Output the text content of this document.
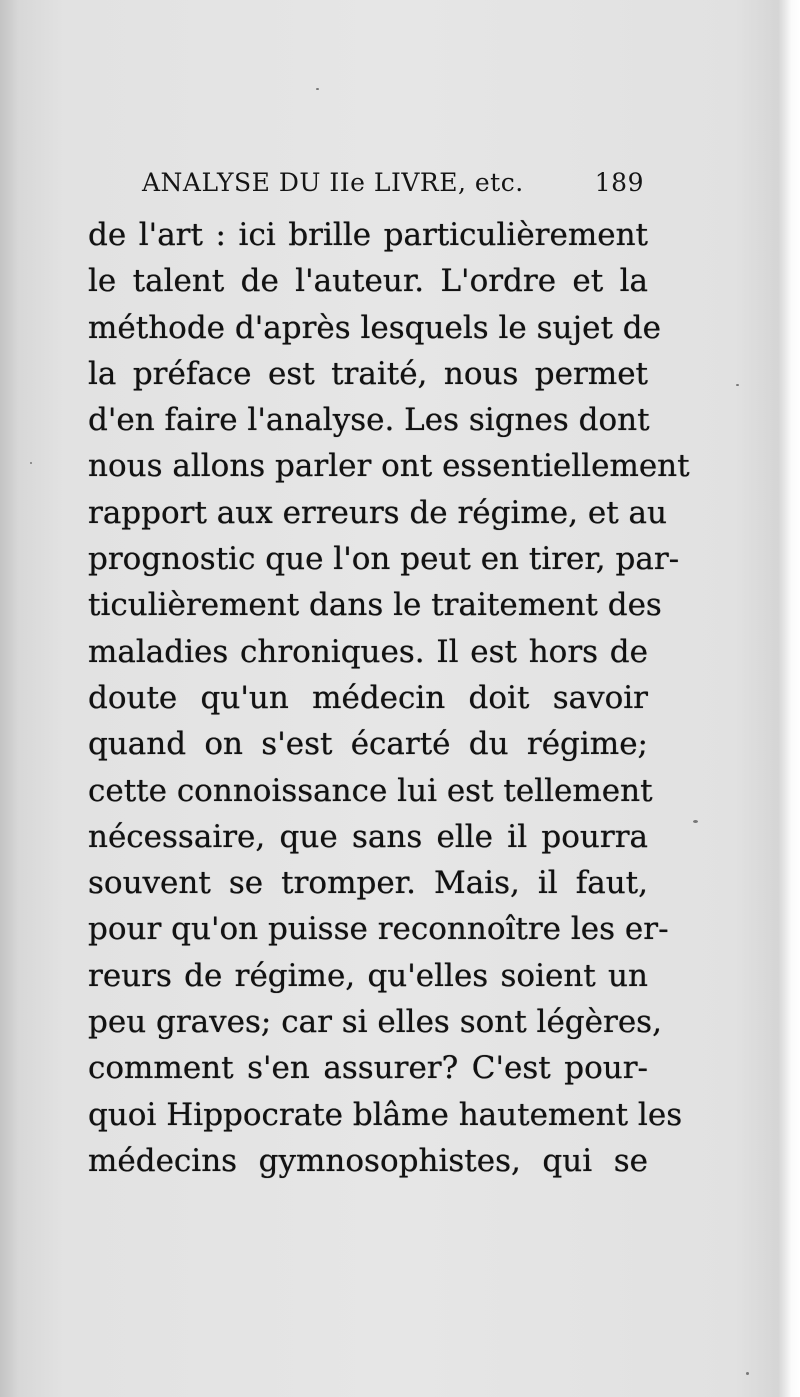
ANALYSE DU IIe LIVRE, etc.	189
de l'art : ici brille particulièrement
le talent de l'auteur. L'ordre et la
méthode d'après lesquels le sujet de
la préface est traité, nous permet
d'en faire l'analyse. Les signes dont
nous allons parler ont essentiellement
rapport aux erreurs de régime, et au
prognostic que l'on peut en tirer, par-
ticulièrement dans le traitement des
maladies chroniques. Il est hors de
doute qu'un médecin doit savoir
quand on s'est écarté du régime;
cette connoissance lui est tellement
nécessaire, que sans elle il pourra
souvent se tromper. Mais, il faut,
pour qu'on puisse reconnoître les er-
reurs de régime, qu'elles soient un
peu graves; car si elles sont légères,
comment s'en assurer? C'est pour-
quoi Hippocrate blâme hautement les
médecins gymnosophistes, qui se
